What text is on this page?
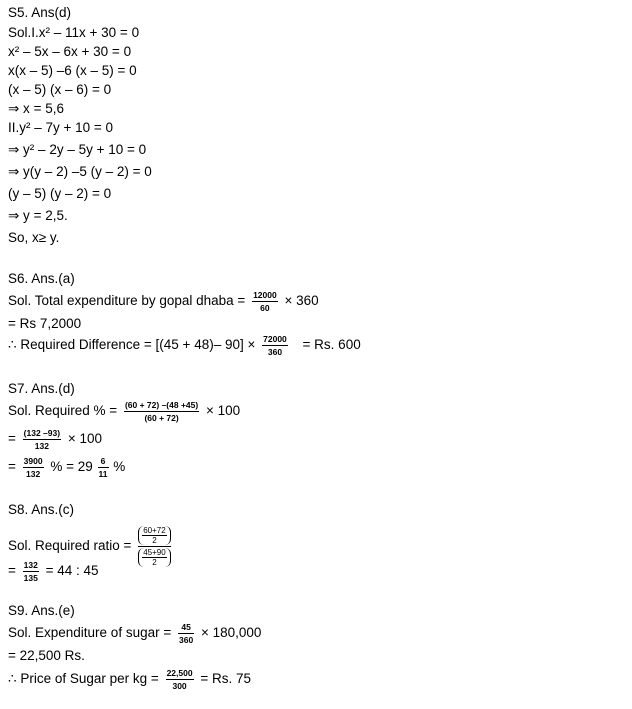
S5. Ans(d)
Sol.I.x² – 11x + 30 = 0
x² – 5x – 6x + 30 = 0
x(x – 5) –6 (x – 5) = 0
(x – 5) (x – 6) = 0
⇒ x = 5,6
II.y² – 7y + 10 = 0
⇒ y² – 2y – 5y + 10 = 0
⇒ y(y – 2) –5 (y – 2) = 0
(y – 5) (y – 2) = 0
⇒ y = 2,5.
So, x≥ y.
S6. Ans.(a)
Sol. Total expenditure by gopal dhaba = $\frac{12000}{60} \times 360$
= Rs 7,2000
∴ Required Difference = [(45 + 48)– $90] \times \frac{72000}{360} = Rs$. 600
S7. Ans.(d)
Sol. Required % = $\frac{(60 + 72) -(48 +45)}{(60 + 72)} \times 100$
= $\frac{(132 -93)}{132} \times 100$
= $\frac{3900}{132}$ % = $29 \frac{6}{11}$ %
S8. Ans.(c)
Sol. Required ratio = $\frac{\frac{60+72}{2}}{\frac{45+90}{2}}$
= $\frac{132}{135} = 44$ : 45
S9. Ans.(e)
Sol. Expenditure of sugar = $\frac{45}{360} \times 180,000$
= 22,500 Rs.
∴ Price of Sugar per kg = $\frac{22,500}{300} = Rs$. 75
